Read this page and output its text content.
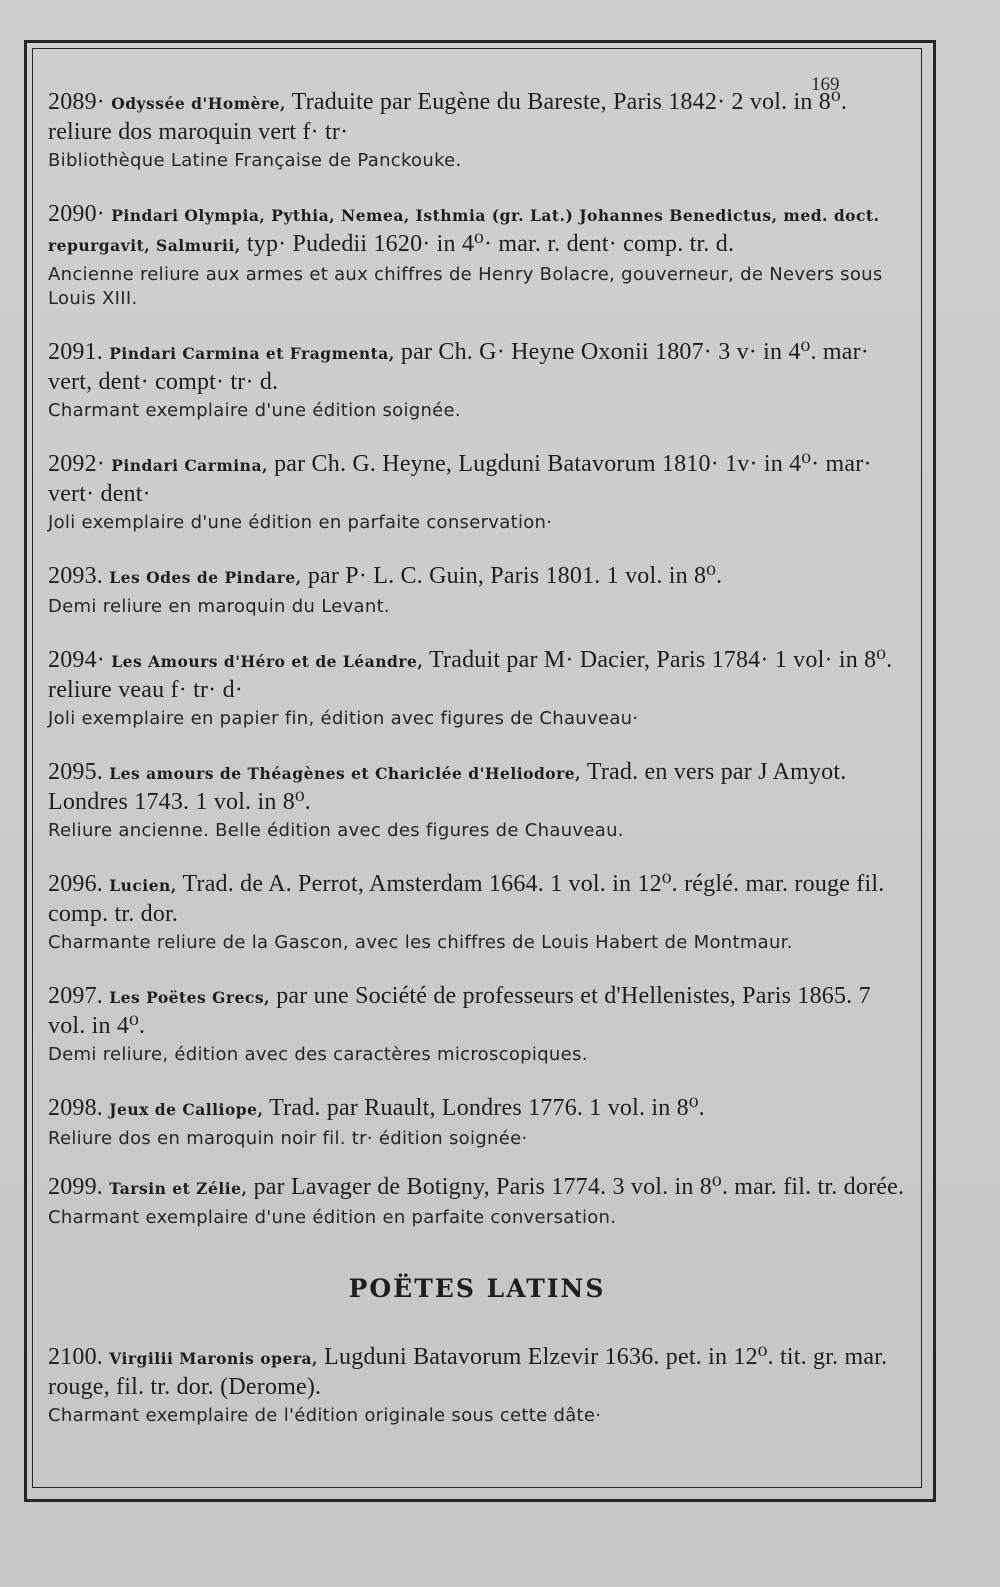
169
2089· Odyssée d'Homère, Traduite par Eugène du Bareste, Paris 1842· 2 vol. in 8⁰. reliure dos maroquin vert f· tr·
Bibliothèque Latine Française de Panckouke.
2090· Pindari Olympia, Pythia, Nemea, Isthmia (gr. Lat.) Johannes Benedictus, med. doct. repurgavit, Salmurii, typ· Pudedii 1620· in 4⁰· mar. r. dent· comp. tr. d.
Ancienne reliure aux armes et aux chiffres de Henry Bolacre, gouverneur, de Nevers sous Louis XIII.
2091. Pindari Carmina et Fragmenta, par Ch. G· Heyne Oxonii 1807· 3 v· in 4⁰. mar· vert, dent· compt· tr· d.
Charmant exemplaire d'une édition soignée.
2092· Pindari Carmina, par Ch. G. Heyne, Lugduni Batavorum 1810· 1v· in 4⁰· mar· vert· dent·
Joli exemplaire d'une édition en parfaite conservation·
2093. Les Odes de Pindare, par P· L. C. Guin, Paris 1801. 1 vol. in 8⁰.
Demi reliure en maroquin du Levant.
2094· Les Amours d'Héro et de Léandre, Traduit par M· Dacier, Paris 1784· 1 vol· in 8⁰. reliure veau f· tr· d·
Joli exemplaire en papier fin, édition avec figures de Chauveau·
2095. Les amours de Théagènes et Chariclée d'Heliodore, Trad. en vers par J Amyot. Londres 1743. 1 vol. in 8⁰.
Reliure ancienne. Belle édition avec des figures de Chauveau.
2096. Lucien, Trad. de A. Perrot, Amsterdam 1664. 1 vol. in 12⁰. réglé. mar. rouge fil. comp. tr. dor.
Charmante reliure de la Gascon, avec les chiffres de Louis Habert de Montmaur.
2097. Les Poëtes Grecs, par une Société de professeurs et d'Hellenistes, Paris 1865. 7 vol. in 4⁰.
Demi reliure, édition avec des caractères microscopiques.
2098. Jeux de Calliope, Trad. par Ruault, Londres 1776. 1 vol. in 8⁰.
Reliure dos en maroquin noir fil. tr· édition soignée·
2099. Tarsin et Zélie, par Lavager de Botigny, Paris 1774. 3 vol. in 8⁰. mar. fil. tr. dorée.
Charmant exemplaire d'une édition en parfaite conversation.
POËTES LATINS
2100. Virgilii Maronis opera, Lugduni Batavorum Elzevir 1636. pet. in 12⁰. tit. gr. mar. rouge, fil. tr. dor. (Derome).
Charmant exemplaire de l'édition originale sous cette dâte·
